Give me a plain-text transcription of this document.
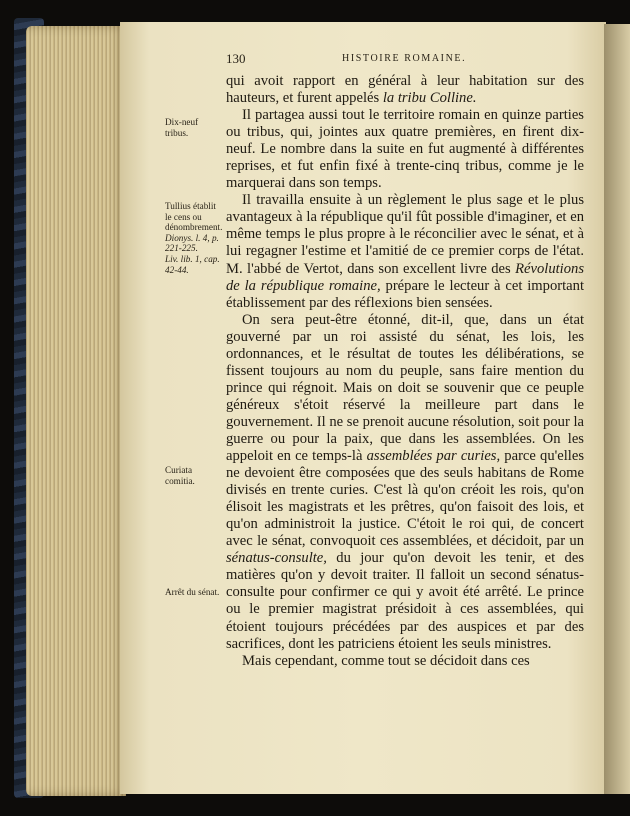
130	HISTOIRE ROMAINE.

qui avoit rapport en général à leur habitation sur des hauteurs, et furent appelés la tribu Colline.

Il partagea aussi tout le territoire romain en quinze parties ou tribus, qui, jointes aux quatre premières, en firent dix-neuf. Le nombre dans la suite en fut augmenté à différentes reprises, et fut enfin fixé à trente-cinq tribus, comme je le marquerai dans son temps.

Il travailla ensuite à un règlement le plus sage et le plus avantageux à la république qu'il fût possible d'imaginer, et en même temps le plus propre à le réconcilier avec le sénat, et à lui regagner l'estime et l'amitié de ce premier corps de l'état. M. l'abbé de Vertot, dans son excellent livre des Révolutions de la république romaine, prépare le lecteur à cet important établissement par des réflexions bien sensées.

On sera peut-être étonné, dit-il, que, dans un état gouverné par un roi assisté du sénat, les lois, les ordonnances, et le résultat de toutes les délibérations, se fissent toujours au nom du peuple, sans faire mention du prince qui régnoit. Mais on doit se souvenir que ce peuple généreux s'étoit réservé la meilleure part dans le gouvernement. Il ne se prenoit aucune résolution, soit pour la guerre ou pour la paix, que dans les assemblées. On les appeloit en ce temps-là assemblées par curies, parce qu'elles ne devoient être composées que des seuls habitans de Rome divisés en trente curies. C'est là qu'on créoit les rois, qu'on élisoit les magistrats et les prêtres, qu'on faisoit des lois, et qu'on administroit la justice. C'étoit le roi qui, de concert avec le sénat, convoquoit ces assemblées, et décidoit, par un sénatus-consulte, du jour qu'on devoit les tenir, et des matières qu'on y devoit traiter. Il falloit un second sénatus-consulte pour confirmer ce qui y avoit été arrêté. Le prince ou le premier magistrat présidoit à ces assemblées, qui étoient toujours précédées par des auspices et par des sacrifices, dont les patriciens étoient les seuls ministres.

Mais cependant, comme tout se décidoit dans ces

Dix-neuf tribus.
Tullius établit le cens ou dénombrement.
Dionys. l. 4, p. 221-225.
Liv. lib. 1, cap. 42-44.
Curiata comitia.
Arrêt du sénat.
